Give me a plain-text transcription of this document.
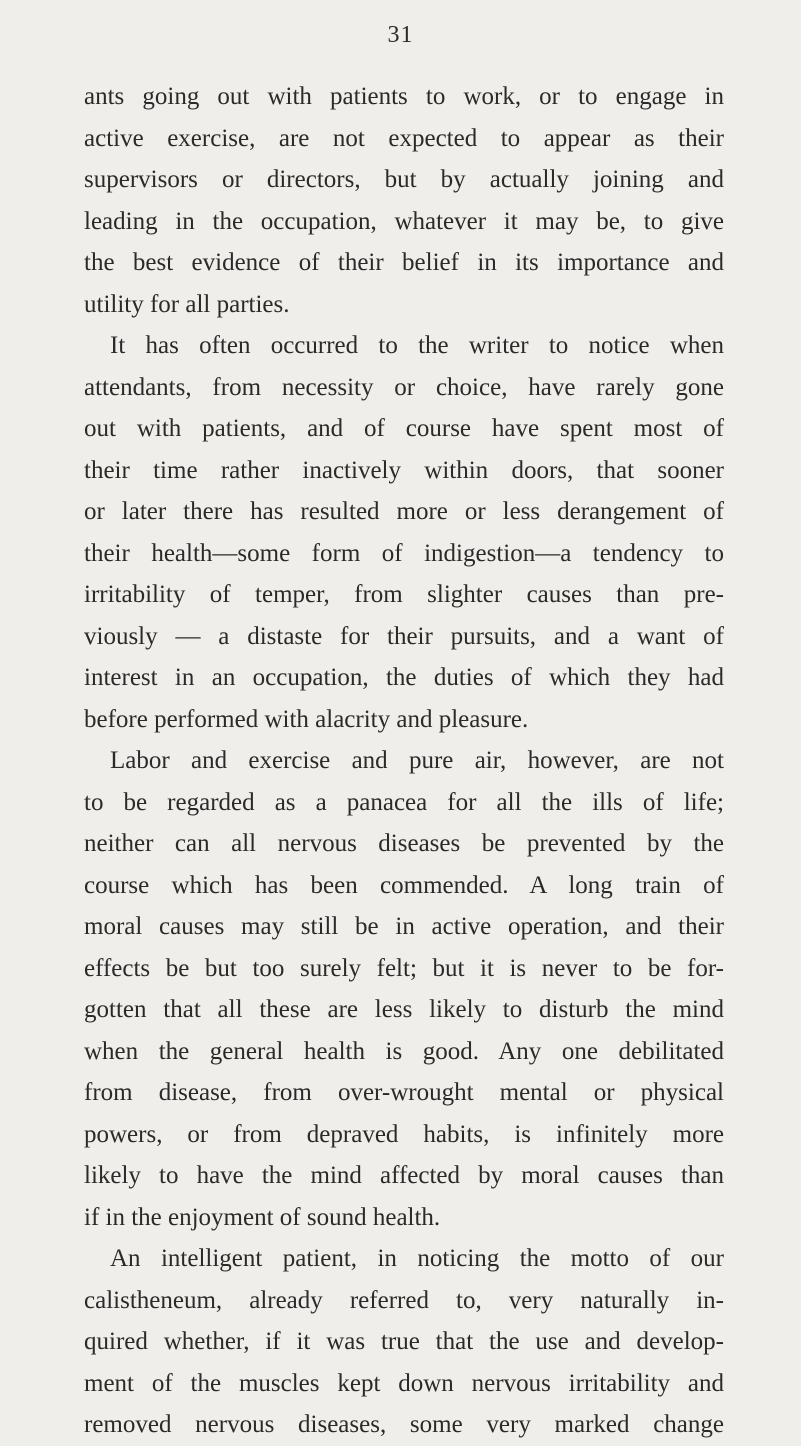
31
ants going out with patients to work, or to engage in
active exercise, are not expected to appear as their
supervisors or directors, but by actually joining and
leading in the occupation, whatever it may be, to give
the best evidence of their belief in its importance and
utility for all parties.
It has often occurred to the writer to notice when
attendants, from necessity or choice, have rarely gone
out with patients, and of course have spent most of
their time rather inactively within doors, that sooner
or later there has resulted more or less derangement of
their health—some form of indigestion—a tendency to
irritability of temper, from slighter causes than pre-
viously — a distaste for their pursuits, and a want of
interest in an occupation, the duties of which they had
before performed with alacrity and pleasure.
Labor and exercise and pure air, however, are not
to be regarded as a panacea for all the ills of life;
neither can all nervous diseases be prevented by the
course which has been commended. A long train of
moral causes may still be in active operation, and their
effects be but too surely felt; but it is never to be for-
gotten that all these are less likely to disturb the mind
when the general health is good. Any one debilitated
from disease, from over-wrought mental or physical
powers, or from depraved habits, is infinitely more
likely to have the mind affected by moral causes than
if in the enjoyment of sound health.
An intelligent patient, in noticing the motto of our
calistheneum, already referred to, very naturally in-
quired whether, if it was true that the use and develop-
ment of the muscles kept down nervous irritability and
removed nervous diseases, some very marked change
